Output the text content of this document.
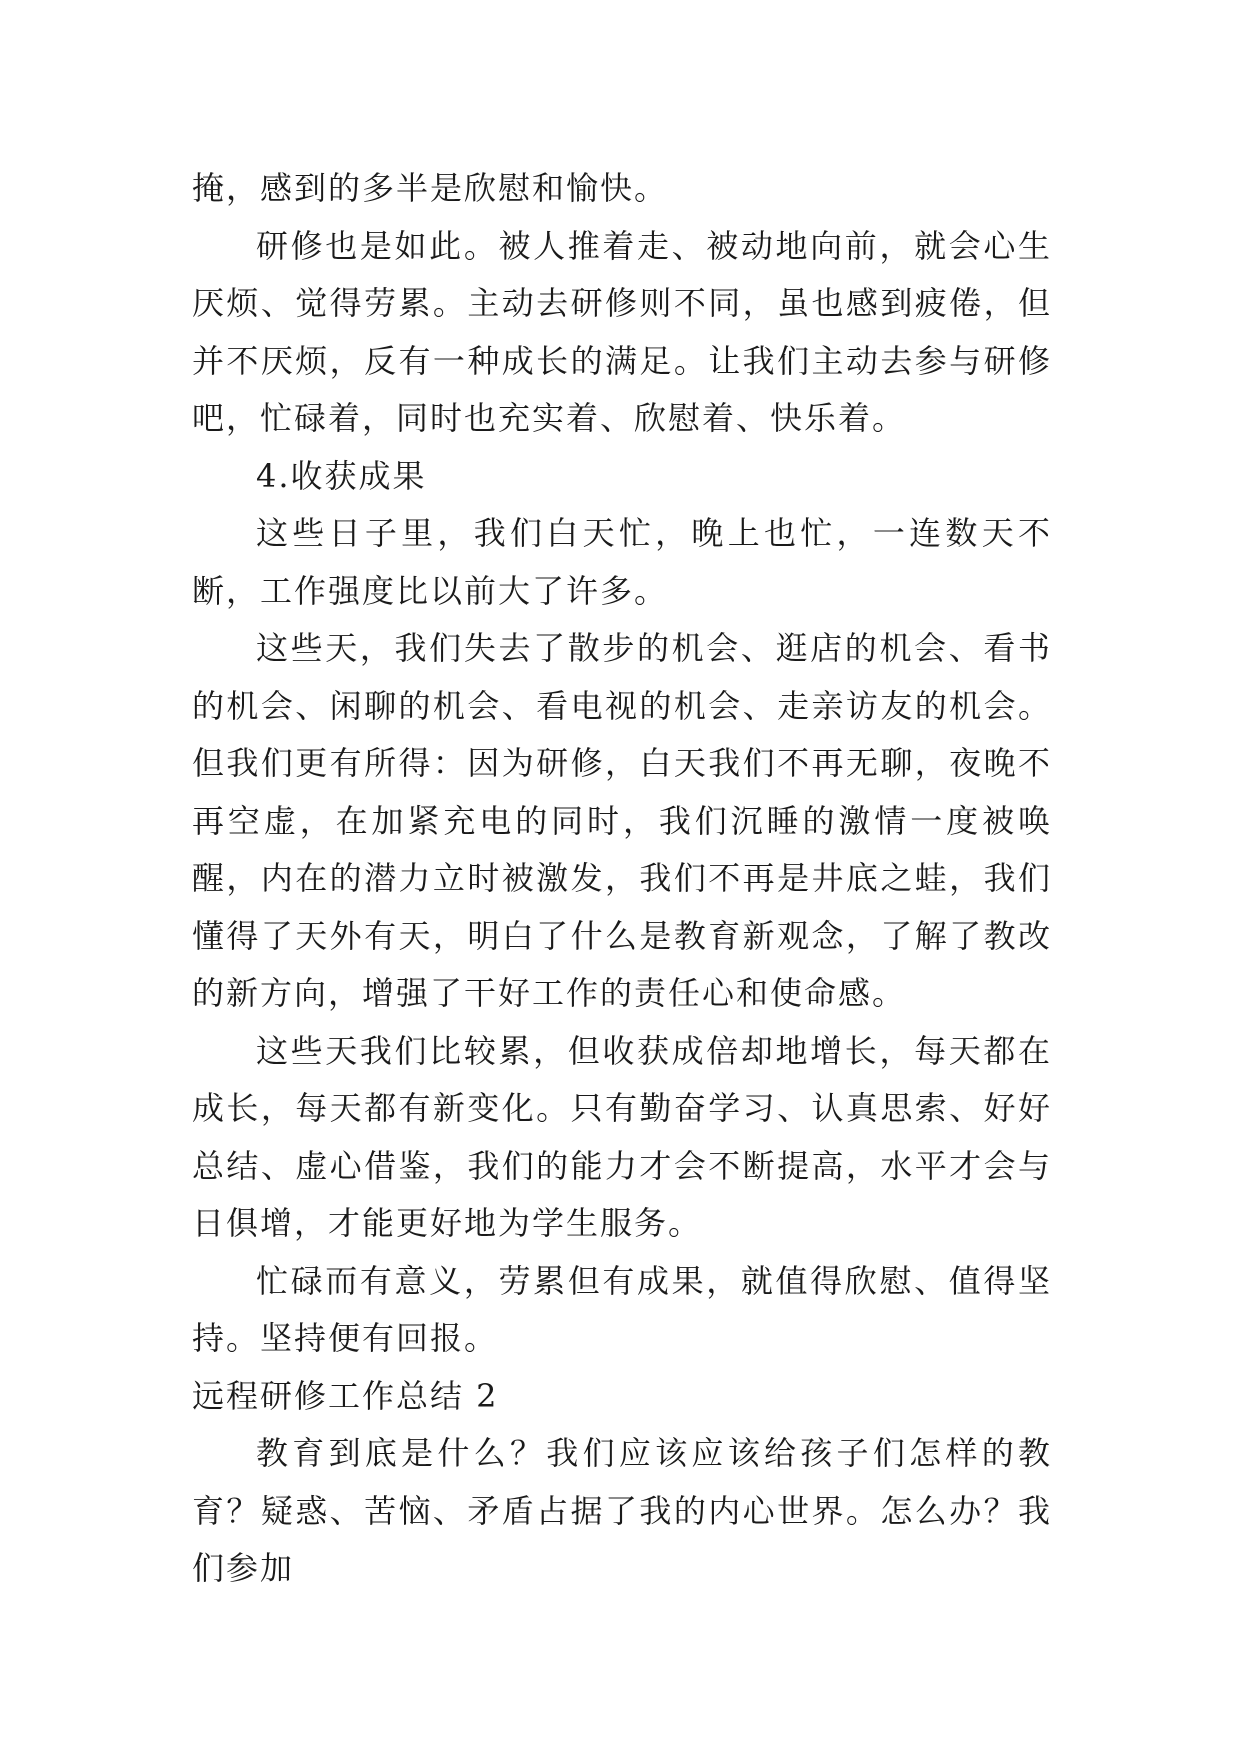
掩，感到的多半是欣慰和愉快。

研修也是如此。被人推着走、被动地向前，就会心生厌烦、觉得劳累。主动去研修则不同，虽也感到疲倦，但并不厌烦，反有一种成长的满足。让我们主动去参与研修吧，忙碌着，同时也充实着、欣慰着、快乐着。

4.收获成果

这些日子里，我们白天忙，晚上也忙，一连数天不断，工作强度比以前大了许多。

这些天，我们失去了散步的机会、逛店的机会、看书的机会、闲聊的机会、看电视的机会、走亲访友的机会。但我们更有所得：因为研修，白天我们不再无聊，夜晚不再空虚，在加紧充电的同时，我们沉睡的激情一度被唤醒，内在的潜力立时被激发，我们不再是井底之蛙，我们懂得了天外有天，明白了什么是教育新观念，了解了教改的新方向，增强了干好工作的责任心和使命感。

这些天我们比较累，但收获成倍却地增长，每天都在成长，每天都有新变化。只有勤奋学习、认真思索、好好总结、虚心借鉴，我们的能力才会不断提高，水平才会与日俱增，才能更好地为学生服务。

忙碌而有意义，劳累但有成果，就值得欣慰、值得坚持。坚持便有回报。

远程研修工作总结 2

教育到底是什么？我们应该应该给孩子们怎样的教育？疑惑、苦恼、矛盾占据了我的内心世界。怎么办？我们参加
